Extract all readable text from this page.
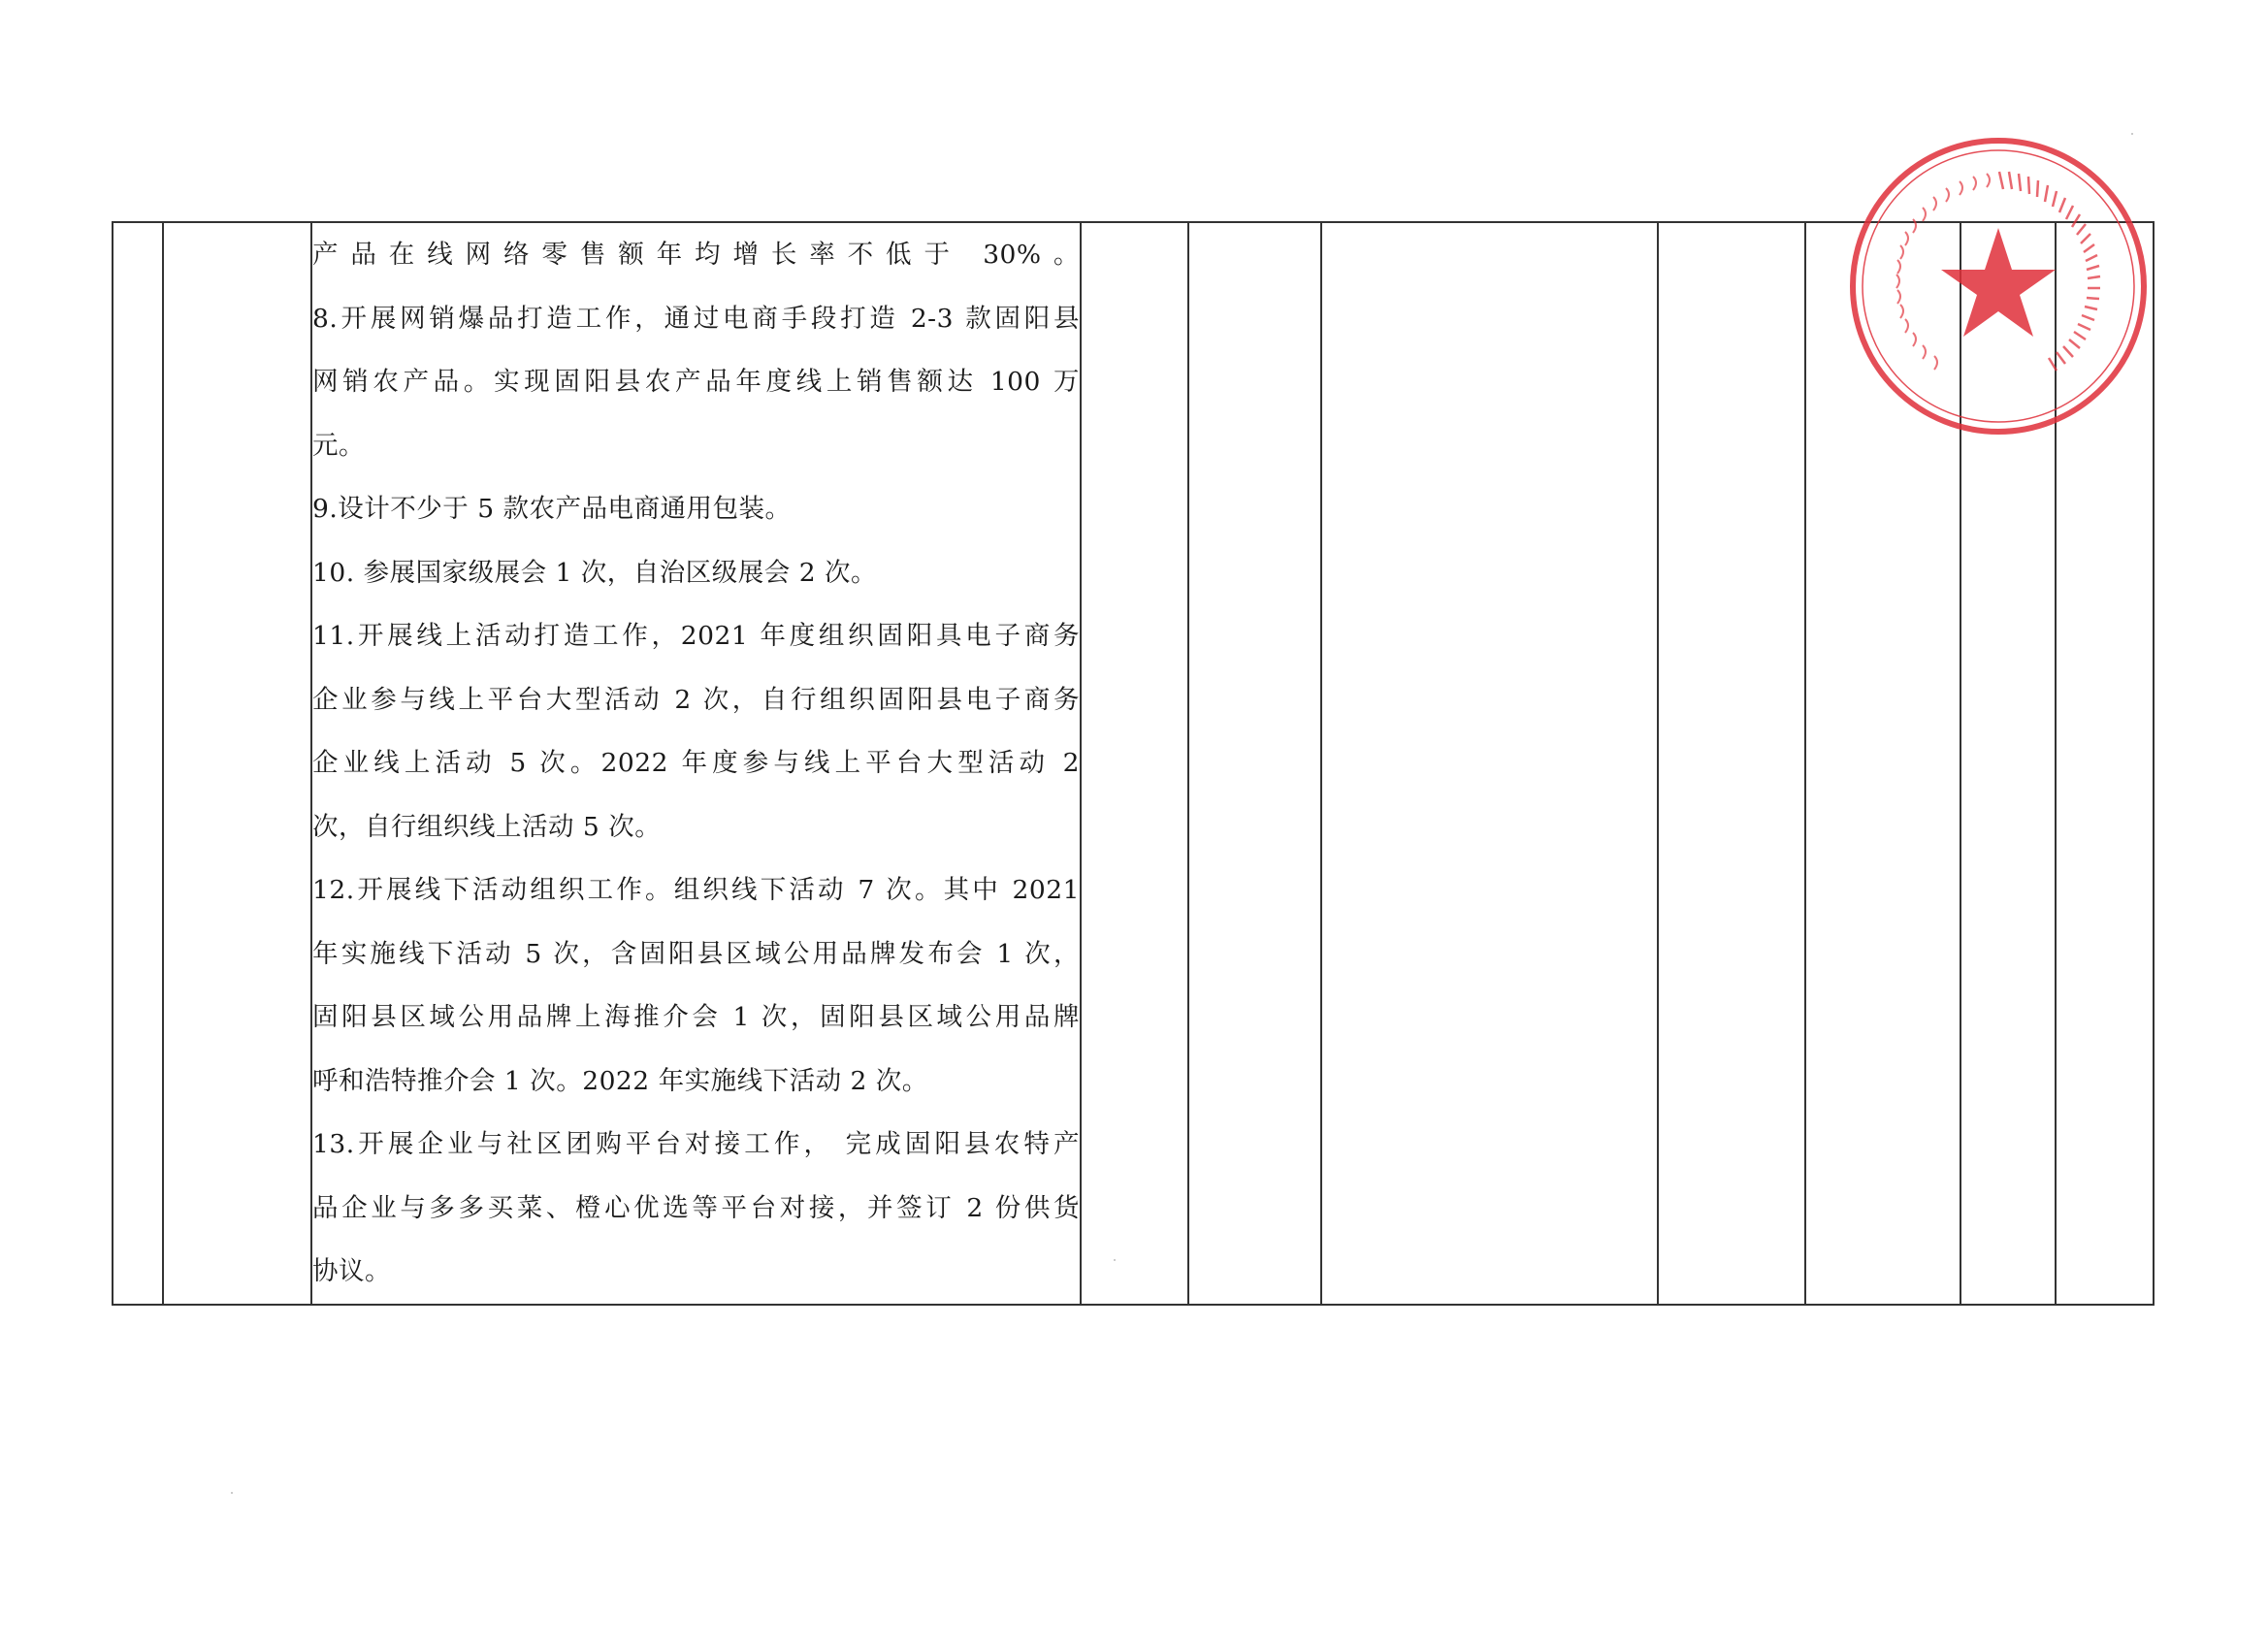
产品在线网络零售额年均增长率不低于 30%。
8.开展网销爆品打造工作，通过电商手段打造 2-3 款固阳县
网销农产品。实现固阳县农产品年度线上销售额达 100 万
元。
9.设计不少于 5 款农产品电商通用包装。
10. 参展国家级展会 1 次，自治区级展会 2 次。
11.开展线上活动打造工作，2021 年度组织固阳具电子商务
企业参与线上平台大型活动 2 次，自行组织固阳县电子商务
企业线上活动 5 次。2022 年度参与线上平台大型活动 2
次，自行组织线上活动 5 次。
12.开展线下活动组织工作。组织线下活动 7 次。其中 2021
年实施线下活动 5 次，含固阳县区域公用品牌发布会 1 次，
固阳县区域公用品牌上海推介会 1 次，固阳县区域公用品牌
呼和浩特推介会 1 次。2022 年实施线下活动 2 次。
13.开展企业与社区团购平台对接工作， 完成固阳县农特产
品企业与多多买菜、橙心优选等平台对接，并签订 2 份供货
协议。
